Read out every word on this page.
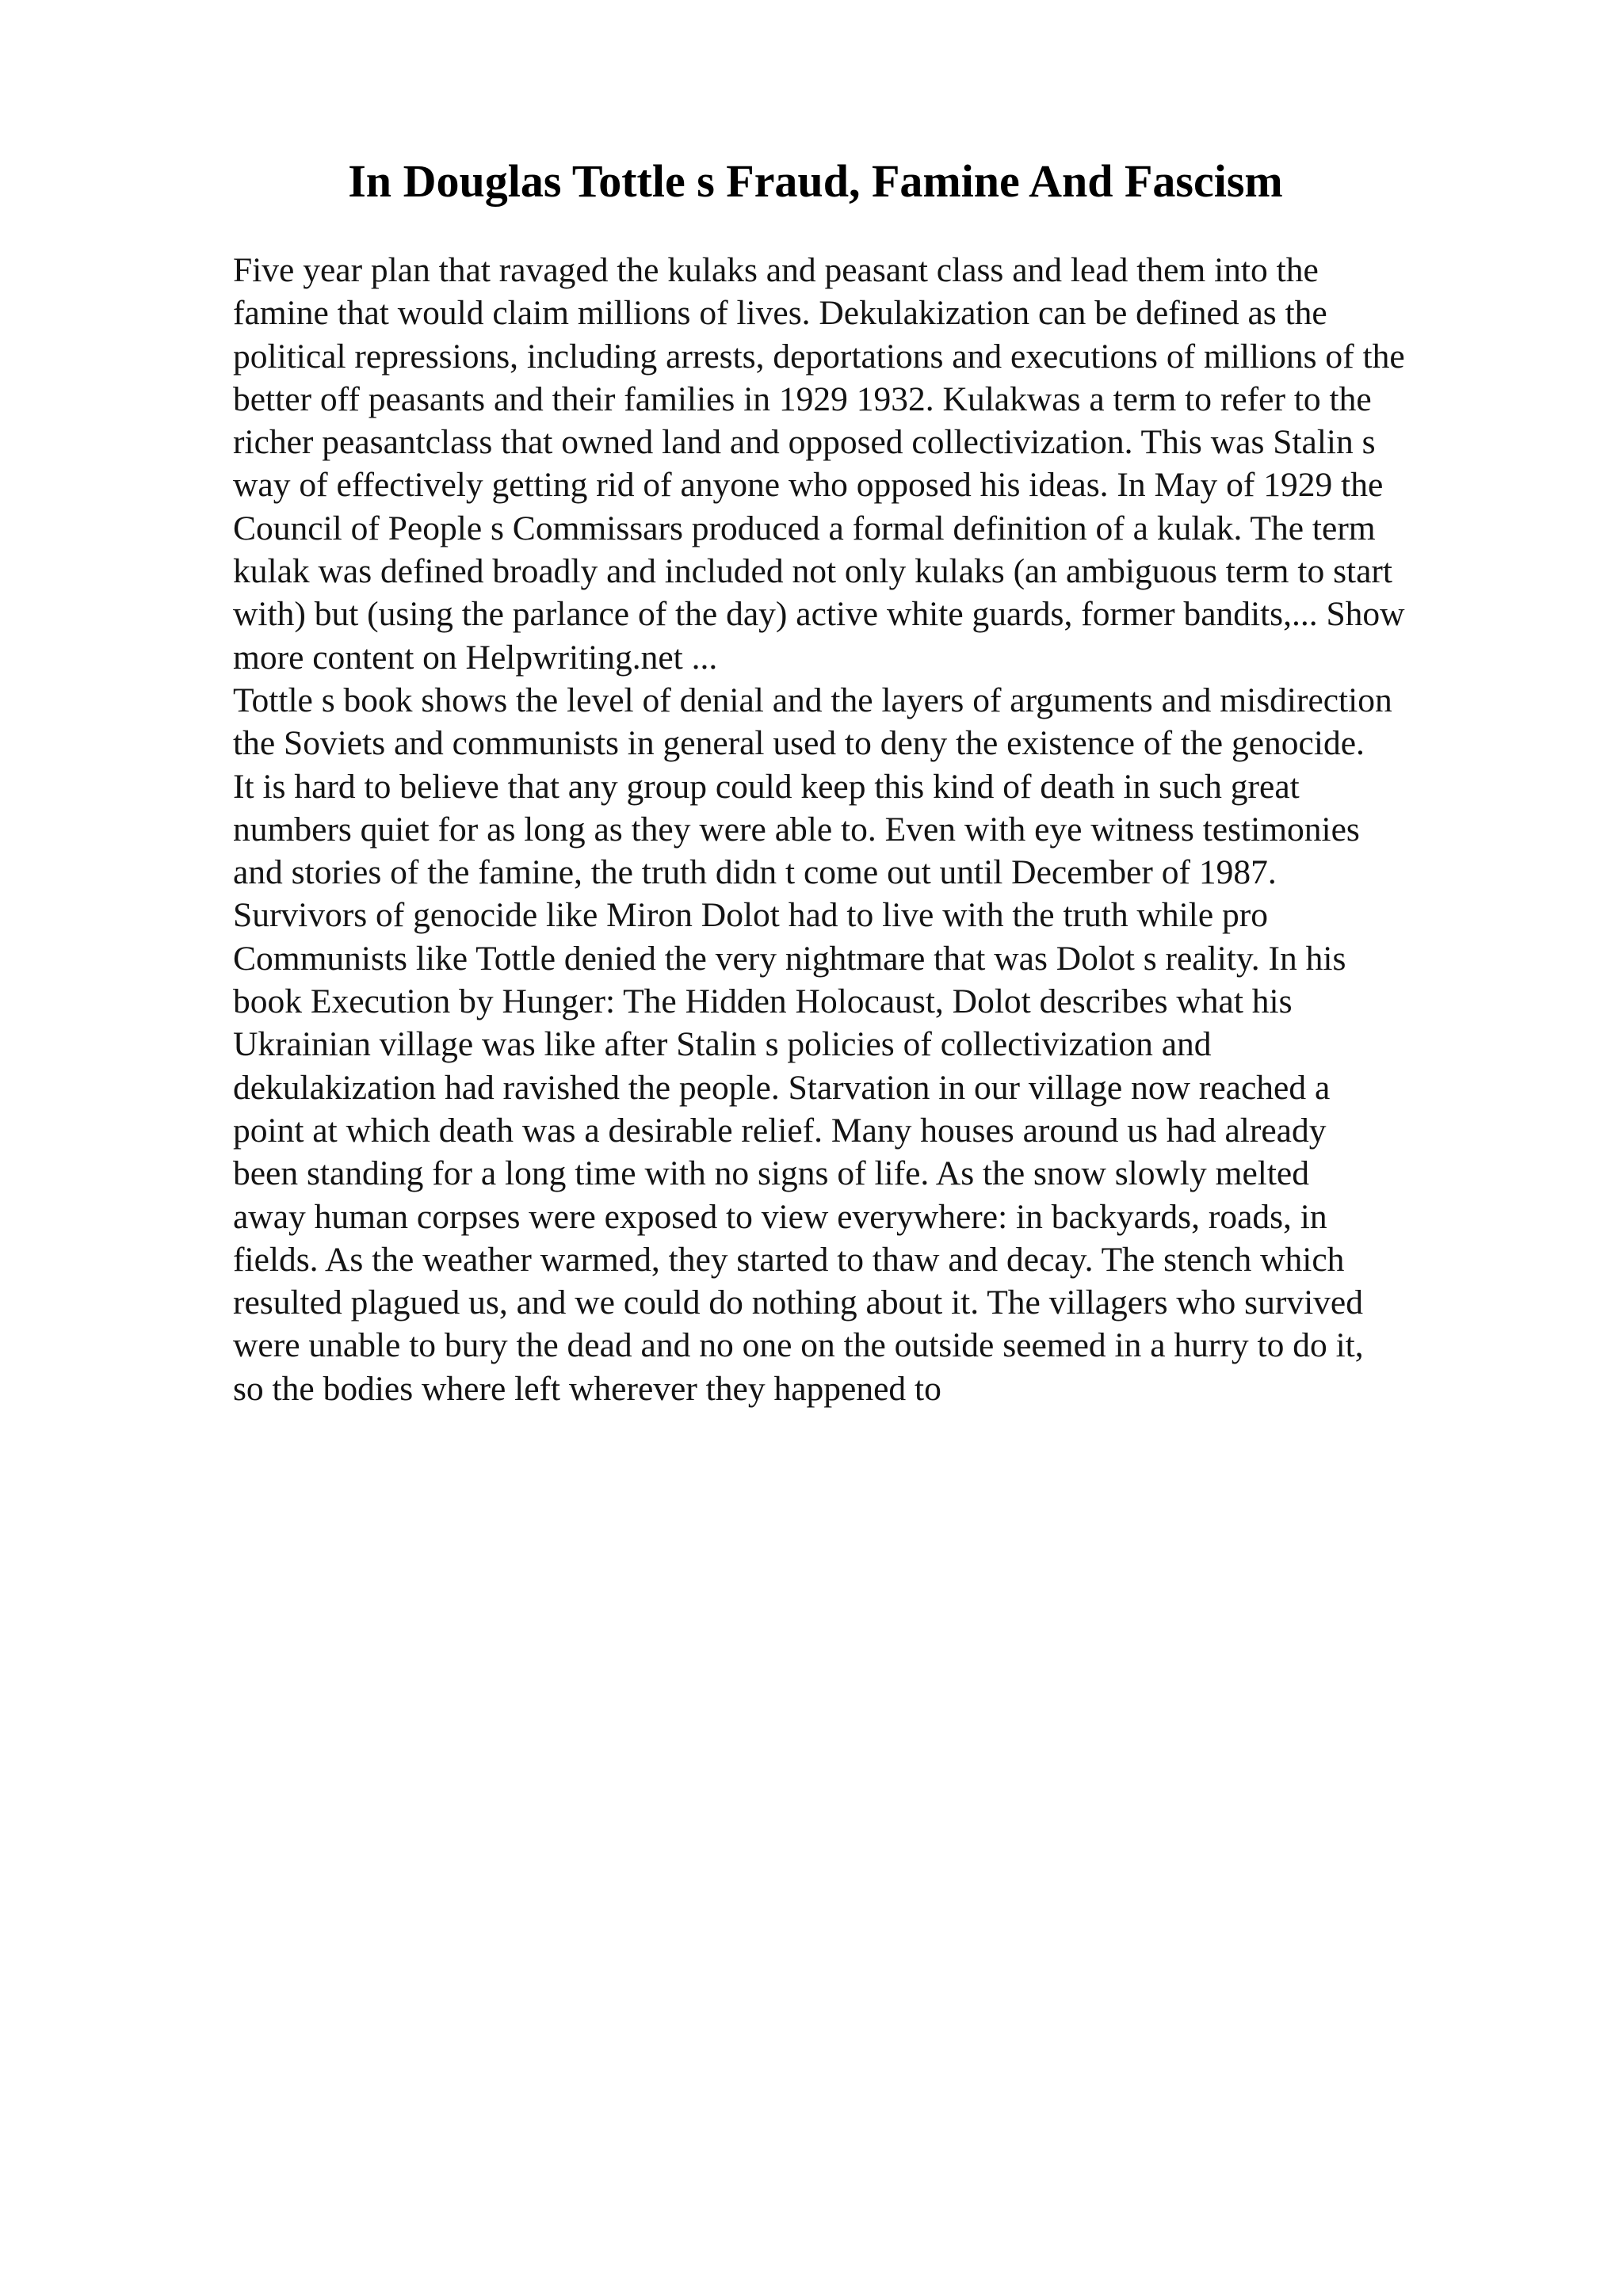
In Douglas Tottle s Fraud, Famine And Fascism
Five year plan that ravaged the kulaks and peasant class and lead them into the
famine that would claim millions of lives. Dekulakization can be defined as the
political repressions, including arrests, deportations and executions of millions of the
better off peasants and their families in 1929 1932. Kulakwas a term to refer to the
richer peasantclass that owned land and opposed collectivization. This was Stalin s
way of effectively getting rid of anyone who opposed his ideas. In May of 1929 the
Council of People s Commissars produced a formal definition of a kulak. The term
kulak was defined broadly and included not only kulaks (an ambiguous term to start
with) but (using the parlance of the day) active white guards, former bandits,... Show
more content on Helpwriting.net ...
Tottle s book shows the level of denial and the layers of arguments and misdirection
the Soviets and communists in general used to deny the existence of the genocide.
It is hard to believe that any group could keep this kind of death in such great
numbers quiet for as long as they were able to. Even with eye witness testimonies
and stories of the famine, the truth didn t come out until December of 1987.
Survivors of genocide like Miron Dolot had to live with the truth while pro
Communists like Tottle denied the very nightmare that was Dolot s reality. In his
book Execution by Hunger: The Hidden Holocaust, Dolot describes what his
Ukrainian village was like after Stalin s policies of collectivization and
dekulakization had ravished the people. Starvation in our village now reached a
point at which death was a desirable relief. Many houses around us had already
been standing for a long time with no signs of life. As the snow slowly melted
away human corpses were exposed to view everywhere: in backyards, roads, in
fields. As the weather warmed, they started to thaw and decay. The stench which
resulted plagued us, and we could do nothing about it. The villagers who survived
were unable to bury the dead and no one on the outside seemed in a hurry to do it,
so the bodies where left wherever they happened to
